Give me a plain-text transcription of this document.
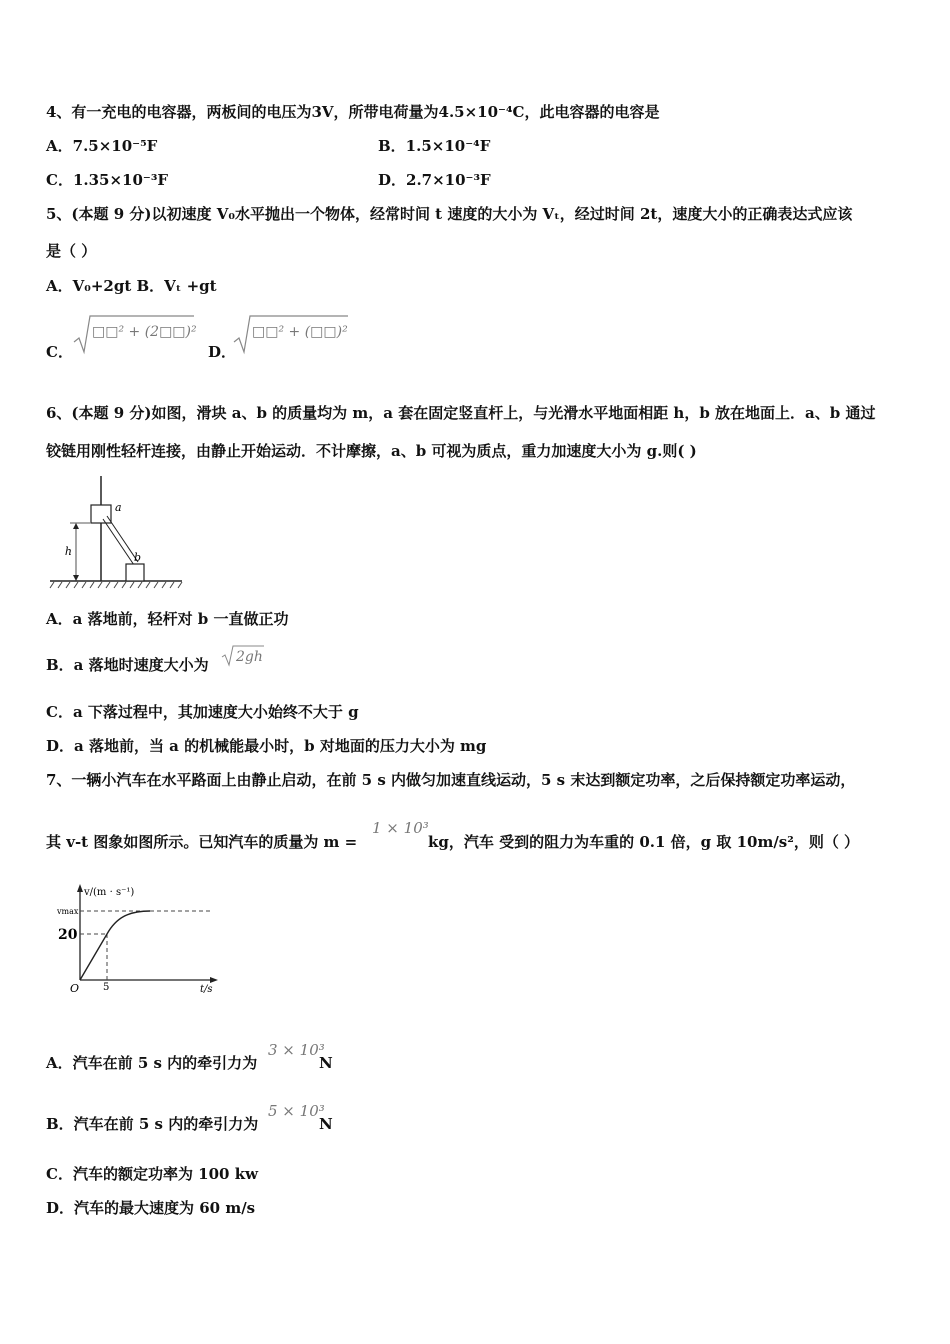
4、有一充电的电容器，两板间的电压为3V，所带电荷量为4.5×10⁻⁴C，此电容器的电容是
A．7.5×10⁻⁵F	B．1.5×10⁻⁴F
C．1.35×10⁻³F	D．2.7×10⁻³F
5、(本题 9 分)以初速度 V₀水平抛出一个物体，经常时间 t 速度的大小为 Vₜ，经过时间 2t，速度大小的正确表达式应该
是（ ）
A．V₀+2gt B．Vₜ +gt
C．
□□² + (2□□)²
D．
□□² + (□□)²
6、(本题 9 分)如图，滑块 a、b 的质量均为 m，a 套在固定竖直杆上，与光滑水平地面相距 h，b 放在地面上．a、b 通过
铰链用刚性轻杆连接，由静止开始运动．不计摩擦，a、b 可视为质点，重力加速度大小为 g.则( )
h
a
b
A．a 落地前，轻杆对 b 一直做正功
B．a 落地时速度大小为 2gh
C．a 下落过程中，其加速度大小始终不大于 g
D．a 落地前，当 a 的机械能最小时，b 对地面的压力大小为 mg
7、一辆小汽车在水平路面上由静止启动，在前 5 s 内做匀加速直线运动，5 s 末达到额定功率，之后保持额定功率运动，
其 v-t 图象如图所示。已知汽车的质量为 m =
1 × 10³
kg，汽车 受到的阻力为车重的 0.1 倍，g 取 10m/s²，则（ ）
v/(m · s⁻¹)
vmax
20
O 5	t/s
A．汽车在前 5 s 内的牵引力为
3 × 10³
N
B．汽车在前 5 s 内的牵引力为
5 × 10³
N
C．汽车的额定功率为 100 kw
D．汽车的最大速度为 60 m/s
